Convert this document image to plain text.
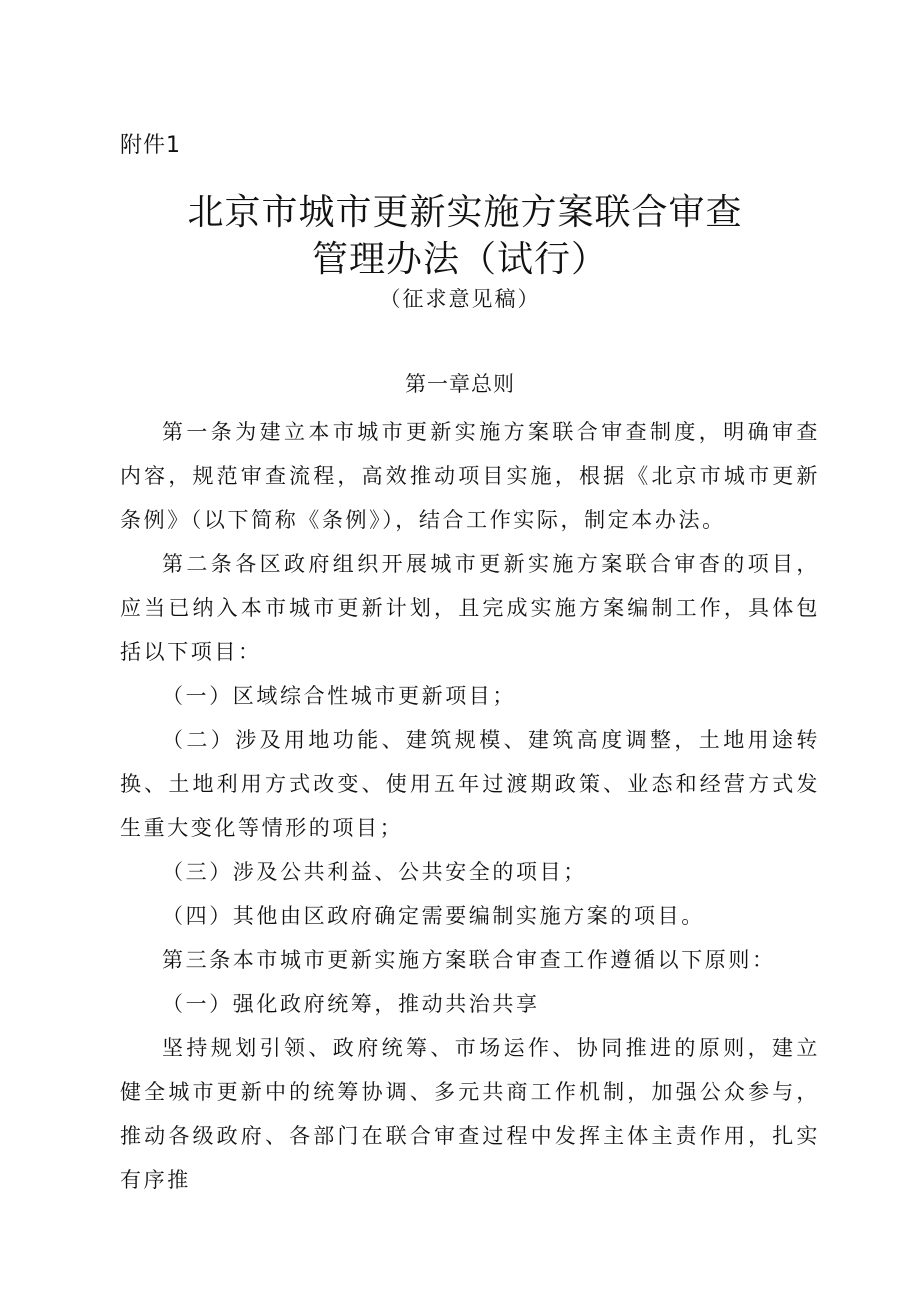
附件1
北京市城市更新实施方案联合审查
管理办法（试行）
（征求意见稿）
第一章总则

第一条为建立本市城市更新实施方案联合审查制度，明确审查内容，规范审查流程，高效推动项目实施，根据《北京市城市更新条例》（以下简称《条例》），结合工作实际，制定本办法。

第二条各区政府组织开展城市更新实施方案联合审杳的项目，应当已纳入本市城市更新计划，且完成实施方案编制工作，具体包括以下项目：

（一）区域综合性城市更新项目；

（二）涉及用地功能、建筑规模、建筑高度调整，土地用途转换、土地利用方式改变、使用五年过渡期政策、业态和经营方式发生重大变化等情形的项目；

（三）涉及公共利益、公共安全的项目；

（四）其他由区政府确定需要编制实施方案的项目。

第三条本市城市更新实施方案联合审查工作遵循以下原则：

（一）强化政府统筹，推动共治共享

坚持规划引领、政府统筹、市场运作、协同推进的原则，建立健全城市更新中的统筹协调、多元共商工作机制，加强公众参与，推动各级政府、各部门在联合审查过程中发挥主体主责作用，扎实有序推
